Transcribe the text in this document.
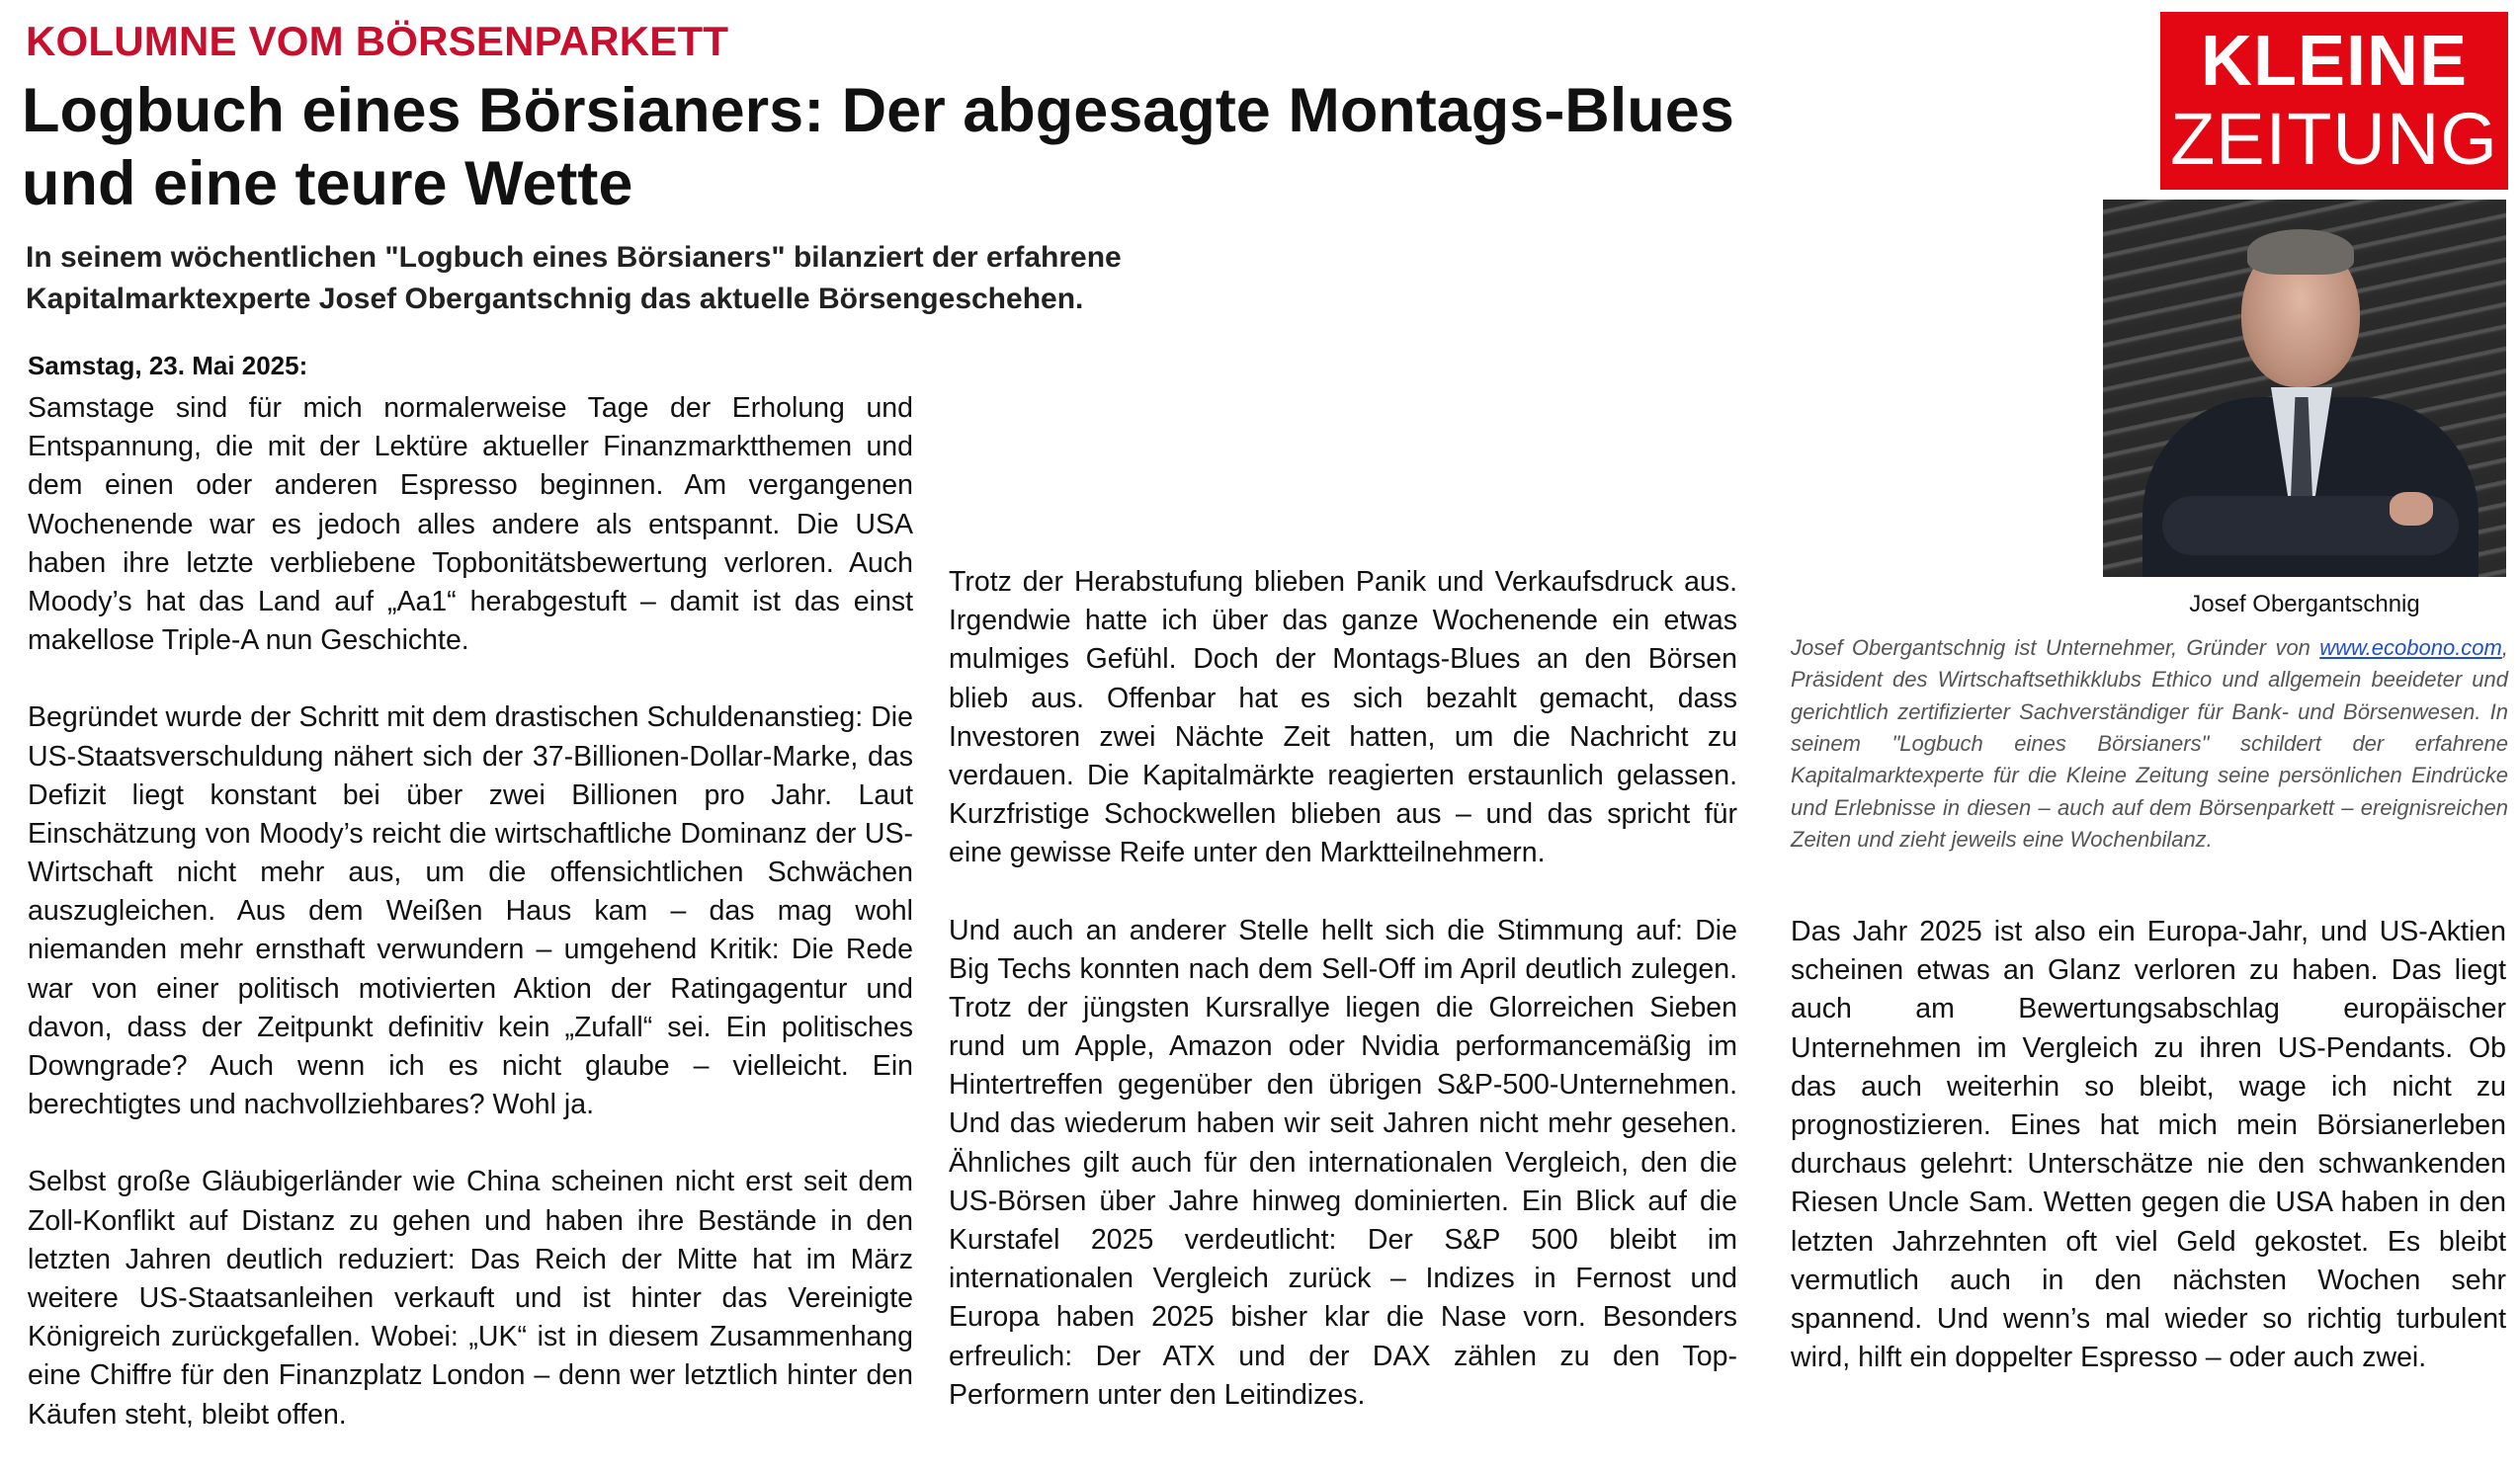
KOLUMNE VOM BÖRSENPARKETT
Logbuch eines Börsianers: Der abgesagte Montags-Blues und eine teure Wette
In seinem wöchentlichen "Logbuch eines Börsianers" bilanziert der erfahrene Kapitalmarktexperte Josef Obergantschnig das aktuelle Börsengeschehen.
KLEINE
ZEITUNG
Josef Obergantschnig
Josef Obergantschnig ist Unternehmer, Gründer von www.ecobono.com, Präsident des Wirtschaftsethikklubs Ethico und allgemein beeideter und gerichtlich zertifizierter Sachverständiger für Bank- und Börsenwesen. In seinem "Logbuch eines Börsianers" schildert der erfahrene Kapitalmarktexperte für die Kleine Zeitung seine persönlichen Eindrücke und Erlebnisse in diesen – auch auf dem Börsenparkett – ereignisreichen Zeiten und zieht jeweils eine Wochenbilanz.
Samstag, 23. Mai 2025:

Samstage sind für mich normalerweise Tage der Erholung und Entspannung, die mit der Lektüre aktueller Finanzmarktthemen und dem einen oder anderen Espresso beginnen. Am vergangenen Wochenende war es jedoch alles andere als entspannt. Die USA haben ihre letzte verbliebene Topbonitätsbewertung verloren. Auch Moody’s hat das Land auf „Aa1“ herabgestuft – damit ist das einst makellose Triple-A nun Geschichte.

Begründet wurde der Schritt mit dem drastischen Schuldenanstieg: Die US-Staatsverschuldung nähert sich der 37-Billionen-Dollar-Marke, das Defizit liegt konstant bei über zwei Billionen pro Jahr. Laut Einschätzung von Moody’s reicht die wirtschaftliche Dominanz der US-Wirtschaft nicht mehr aus, um die offensichtlichen Schwächen auszugleichen. Aus dem Weißen Haus kam – das mag wohl niemanden mehr ernsthaft verwundern – umgehend Kritik: Die Rede war von einer politisch motivierten Aktion der Ratingagentur und davon, dass der Zeitpunkt definitiv kein „Zufall“ sei. Ein politisches Downgrade? Auch wenn ich es nicht glaube – vielleicht. Ein berechtigtes und nachvollziehbares? Wohl ja.

Selbst große Gläubigerländer wie China scheinen nicht erst seit dem Zoll-Konflikt auf Distanz zu gehen und haben ihre Bestände in den letzten Jahren deutlich reduziert: Das Reich der Mitte hat im März weitere US-Staatsanleihen verkauft und ist hinter das Vereinigte Königreich zurückgefallen. Wobei: „UK“ ist in diesem Zusammenhang eine Chiffre für den Finanzplatz London – denn wer letztlich hinter den Käufen steht, bleibt offen.

Trotz der Herabstufung blieben Panik und Verkaufsdruck aus. Irgendwie hatte ich über das ganze Wochenende ein etwas mulmiges Gefühl. Doch der Montags-Blues an den Börsen blieb aus. Offenbar hat es sich bezahlt gemacht, dass Investoren zwei Nächte Zeit hatten, um die Nachricht zu verdauen. Die Kapitalmärkte reagierten erstaunlich gelassen. Kurzfristige Schockwellen blieben aus – und das spricht für eine gewisse Reife unter den Marktteilnehmern.

Und auch an anderer Stelle hellt sich die Stimmung auf: Die Big Techs konnten nach dem Sell-Off im April deutlich zulegen. Trotz der jüngsten Kursrallye liegen die Glorreichen Sieben rund um Apple, Amazon oder Nvidia performancemäßig im Hintertreffen gegenüber den übrigen S&P-500-Unternehmen. Und das wiederum haben wir seit Jahren nicht mehr gesehen. Ähnliches gilt auch für den internationalen Vergleich, den die US-Börsen über Jahre hinweg dominierten. Ein Blick auf die Kurstafel 2025 verdeutlicht: Der S&P 500 bleibt im internationalen Vergleich zurück – Indizes in Fernost und Europa haben 2025 bisher klar die Nase vorn. Besonders erfreulich: Der ATX und der DAX zählen zu den Top-Performern unter den Leitindizes.

Das Jahr 2025 ist also ein Europa-Jahr, und US-Aktien scheinen etwas an Glanz verloren zu haben. Das liegt auch am Bewertungsabschlag europäischer Unternehmen im Vergleich zu ihren US-Pendants. Ob das auch weiterhin so bleibt, wage ich nicht zu prognostizieren. Eines hat mich mein Börsianerleben durchaus gelehrt: Unterschätze nie den schwankenden Riesen Uncle Sam. Wetten gegen die USA haben in den letzten Jahrzehnten oft viel Geld gekostet. Es bleibt vermutlich auch in den nächsten Wochen sehr spannend. Und wenn’s mal wieder so richtig turbulent wird, hilft ein doppelter Espresso – oder auch zwei.
